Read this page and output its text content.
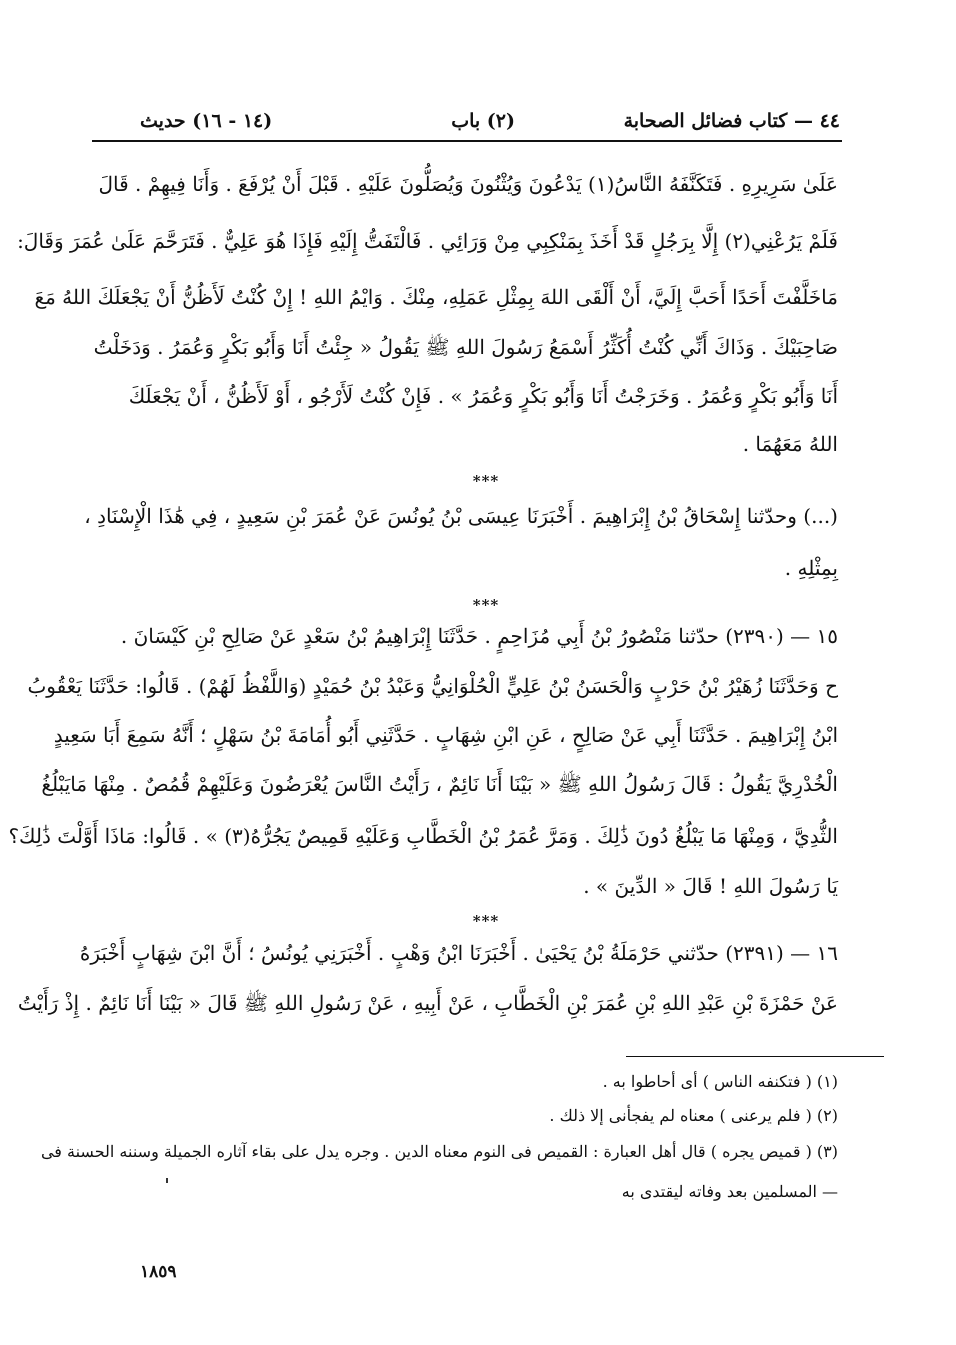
٤٤ — كتاب فضائل الصحابة
(٢) باب
(١٤ - ١٦) حديث
عَلَىٰ سَرِيرِهِ . فَتَكَنَّفَهُ النَّاسُ(١) يَدْعُونَ وَيُثْنُونَ وَيُصَلُّونَ عَلَيْهِ . قَبْلَ أَنْ يُرْفَعَ . وَأَنَا فِيهِمْ . قَالَ
فَلَمْ يَرُعْنِي(٢) إِلَّا بِرَجُلٍ قَدْ أَخَذَ بِمَنْكِبِي مِنْ وَرَائِي . فَالْتَفَتُّ إِلَيْهِ فَإِذَا هُوَ عَلِيٌّ . فَتَرَحَّمَ عَلَىٰ عُمَرَ وَقَالَ:
مَاخَلَّفْتَ أَحَدًا أَحَبَّ إِلَيَّ، أَنْ أَلْقَى اللهَ بِمِثْلِ عَمَلِهِ، مِنْكَ . وَايْمُ اللهِ ! إِنْ كُنْتُ لَأَظُنُّ أَنْ يَجْعَلَكَ اللهُ مَعَ
صَاحِبَيْكَ . وَذَاكَ أَنِّي كُنْتُ أُكَثِّرُ أَسْمَعُ رَسُولَ اللهِ ﷺ يَقُولُ « جِئْتُ أَنَا وَأَبُو بَكْرٍ وَعُمَرُ . وَدَخَلْتُ
أَنَا وَأَبُو بَكْرٍ وَعُمَرُ . وَخَرَجْتُ أَنَا وَأَبُو بَكْرٍ وَعُمَرُ » . فَإِنْ كُنْتُ لَأَرْجُو ، أَوْ لَأَظُنُّ ، أَنْ يَجْعَلَكَ
اللهُ مَعَهُمَا .
***
(...) وحدّثنا إِسْحَاقُ بْنُ إِبْرَاهِيمَ . أَخْبَرَنَا عِيسَى بْنُ يُونُسَ عَنْ عُمَرَ بْنِ سَعِيدٍ ، فِي هَٰذَا الْإِسْنَادِ ،
بِمِثْلِهِ .
***
١٥ — (٢٣٩٠) حدّثنا مَنْصُورُ بْنُ أَبِي مُزَاحِمٍ . حَدَّثَنَا إِبْرَاهِيمُ بْنُ سَعْدٍ عَنْ صَالِحِ بْنِ كَيْسَانَ .
ح وَحَدَّثَنَا زُهَيْرُ بْنُ حَرْبٍ وَالْحَسَنُ بْنُ عَلِيٍّ الْحُلْوَانِيُّ وَعَبْدُ بْنُ حُمَيْدٍ (وَاللَّفْظُ لَهُمْ) . قَالُوا: حَدَّثَنَا يَعْقُوبُ
ابْنُ إِبْرَاهِيمَ . حَدَّثَنَا أَبِي عَنْ صَالِحٍ ، عَنِ ابْنِ شِهَابٍ . حَدَّثَنِي أَبُو أُمَامَةَ بْنُ سَهْلٍ ؛ أَنَّهُ سَمِعَ أَبَا سَعِيدٍ
الْخُدْرِيَّ يَقُولُ : قَالَ رَسُولُ اللهِ ﷺ « بَيْنَا أَنَا نَائِمٌ ، رَأَيْتُ النَّاسَ يُعْرَضُونَ وَعَلَيْهِمْ قُمُصٌ . مِنْهَا مَايَبْلُغُ
الثُّدِيَّ ، وَمِنْهَا مَا يَبْلُغُ دُونَ ذَٰلِكَ . وَمَرَّ عُمَرُ بْنُ الْخَطَّابِ وَعَلَيْهِ قَمِيصٌ يَجُرُّهُ(٣) » . قَالُوا: مَاذَا أَوَّلْتَ ذَٰلِكَ؟
يَا رَسُولَ اللهِ ! قَالَ « الدِّينَ » .
***
١٦ — (٢٣٩١) حدّثني حَرْمَلَةُ بْنُ يَحْيَىٰ . أَخْبَرَنَا ابْنُ وَهْبٍ . أَخْبَرَنِي يُونُسُ ؛ أَنَّ ابْنَ شِهَابٍ أَخْبَرَهُ
عَنْ حَمْزَةَ بْنِ عَبْدِ اللهِ بْنِ عُمَرَ بْنِ الْخَطَّابِ ، عَنْ أَبِيهِ ، عَنْ رَسُولِ اللهِ ﷺ قَالَ « بَيْنَا أَنَا نَائِمٌ . إِذْ رَأَيْتُ
(١) ( فتكنفه الناس ) أى أحاطوا به .
(٢) ( فلم يرعنى ) معناه لم يفجأنى إلا ذلك .
(٣) ( قميص يجره ) قال أهل العبارة : القميص فى النوم معناه الدين . وجره يدل على بقاء آثاره الجميلة وسننه الحسنة فى
— المسلمين بعد وفاته ليقتدى به
١٨٥٩
